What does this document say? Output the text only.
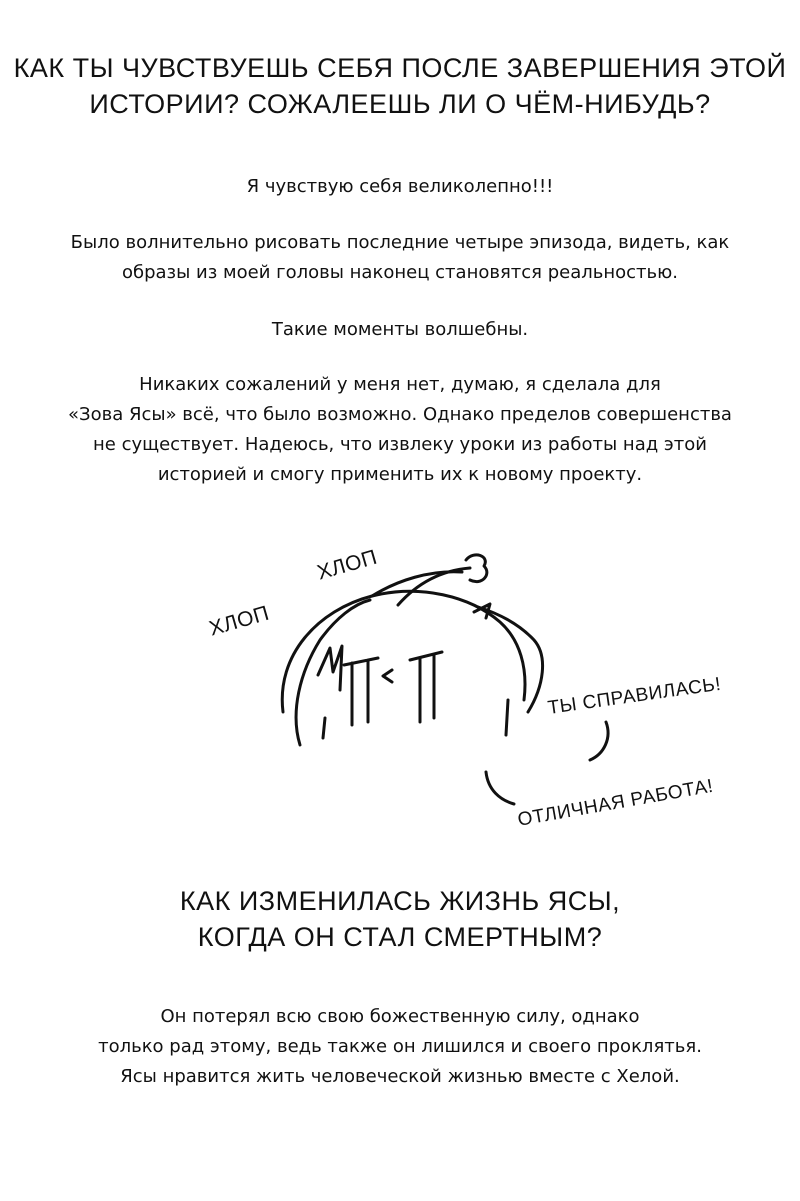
КАК ТЫ ЧУВСТВУЕШЬ СЕБЯ ПОСЛЕ ЗАВЕРШЕНИЯ ЭТОЙ
ИСТОРИИ? СОЖАЛЕЕШЬ ЛИ О ЧЁМ-НИБУДЬ?

Я чувствую себя великолепно!!!

Было волнительно рисовать последние четыре эпизода, видеть, как
образы из моей головы наконец становятся реальностью.

Такие моменты волшебны.

Никаких сожалений у меня нет, думаю, я сделала для
«Зова Ясы» всё, что было возможно. Однако пределов совершенства
не существует. Надеюсь, что извлеку уроки из работы над этой
историей и смогу применить их к новому проекту.

ХЛОП
ХЛОП
ТЫ СПРАВИЛАСЬ!
ОТЛИЧНАЯ РАБОТА!
КАК ИЗМЕНИЛАСЬ ЖИЗНЬ ЯСЫ,
КОГДА ОН СТАЛ СМЕРТНЫМ?

Он потерял всю свою божественную силу, однако
только рад этому, ведь также он лишился и своего проклятья.
Ясы нравится жить человеческой жизнью вместе с Хелой.
